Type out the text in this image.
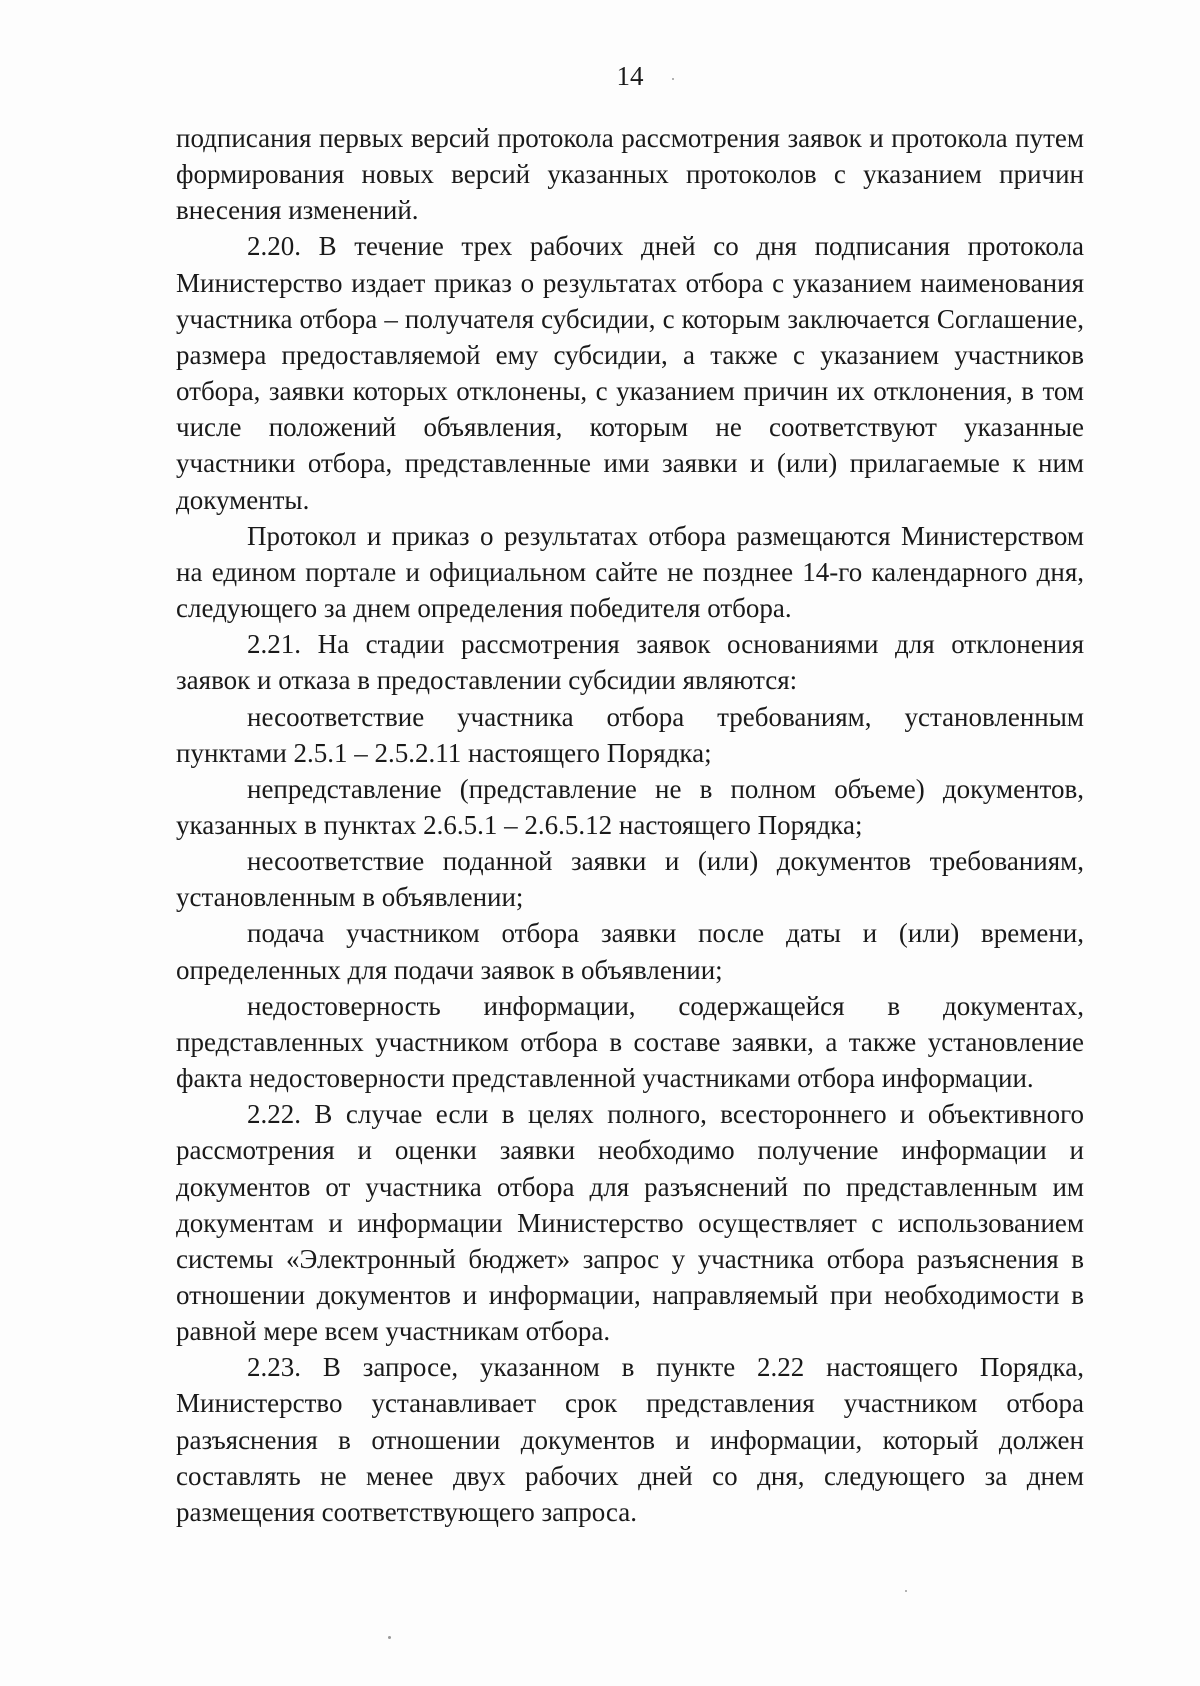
14

подписания первых версий протокола рассмотрения заявок и протокола путем формирования новых версий указанных протоколов с указанием причин внесения изменений.

2.20. В течение трех рабочих дней со дня подписания протокола Министерство издает приказ о результатах отбора с указанием наименования участника отбора – получателя субсидии, с которым заключается Соглашение, размера предоставляемой ему субсидии, а также с указанием участников отбора, заявки которых отклонены, с указанием причин их отклонения, в том числе положений объявления, которым не соответствуют указанные участники отбора, представленные ими заявки и (или) прилагаемые к ним документы.

Протокол и приказ о результатах отбора размещаются Министерством на едином портале и официальном сайте не позднее 14-го календарного дня, следующего за днем определения победителя отбора.

2.21. На стадии рассмотрения заявок основаниями для отклонения заявок и отказа в предоставлении субсидии являются:

несоответствие участника отбора требованиям, установленным пунктами 2.5.1 – 2.5.2.11 настоящего Порядка;

непредставление (представление не в полном объеме) документов, указанных в пунктах 2.6.5.1 – 2.6.5.12 настоящего Порядка;

несоответствие поданной заявки и (или) документов требованиям, установленным в объявлении;

подача участником отбора заявки после даты и (или) времени, определенных для подачи заявок в объявлении;

недостоверность информации, содержащейся в документах, представленных участником отбора в составе заявки, а также установление факта недостоверности представленной участниками отбора информации.

2.22. В случае если в целях полного, всестороннего и объективного рассмотрения и оценки заявки необходимо получение информации и документов от участника отбора для разъяснений по представленным им документам и информации Министерство осуществляет с использованием системы «Электронный бюджет» запрос у участника отбора разъяснения в отношении документов и информации, направляемый при необходимости в равной мере всем участникам отбора.

2.23. В запросе, указанном в пункте 2.22 настоящего Порядка, Министерство устанавливает срок представления участником отбора разъяснения в отношении документов и информации, который должен составлять не менее двух рабочих дней со дня, следующего за днем размещения соответствующего запроса.
